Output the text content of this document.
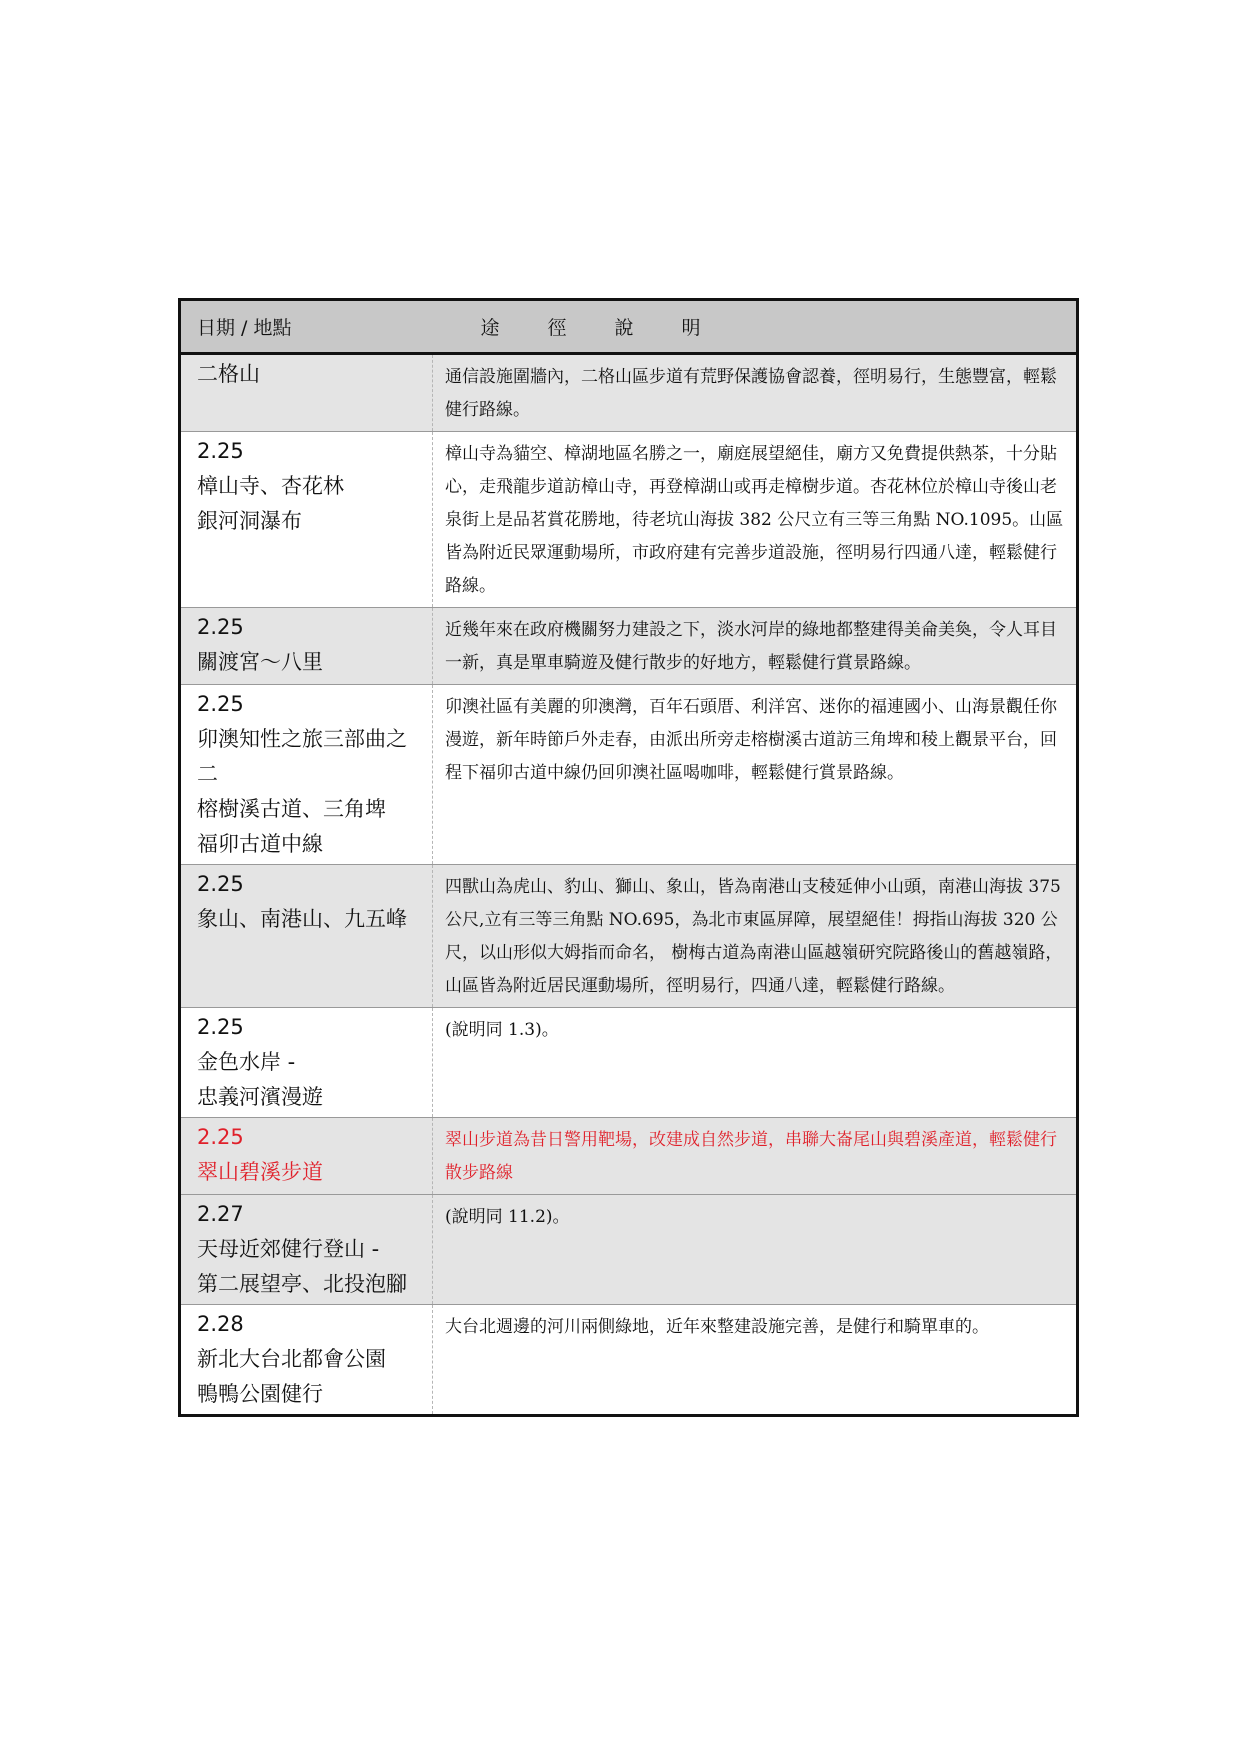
日期 / 地點	途徑說明

二格山	通信設施圍牆內，二格山區步道有荒野保護協會認養，徑明易行，生態豐富，輕鬆健行路線。

2.25
樟山寺、杏花林
銀河洞瀑布	樟山寺為貓空、樟湖地區名勝之一，廟庭展望絕佳，廟方又免費提供熱茶，十分貼心，走飛龍步道訪樟山寺，再登樟湖山或再走樟樹步道。杏花林位於樟山寺後山老泉街上是品茗賞花勝地，待老坑山海拔 382 公尺立有三等三角點 NO.1095。山區皆為附近民眾運動場所，市政府建有完善步道設施，徑明易行四通八達，輕鬆健行路線。

2.25
關渡宮～八里	近幾年來在政府機關努力建設之下，淡水河岸的綠地都整建得美侖美奐，令人耳目一新，真是單車騎遊及健行散步的好地方，輕鬆健行賞景路線。

2.25
卯澳知性之旅三部曲之二
榕樹溪古道、三角埤
福卯古道中線	卯澳社區有美麗的卯澳灣，百年石頭厝、利洋宮、迷你的福連國小、山海景觀任你漫遊，新年時節戶外走春，由派出所旁走榕樹溪古道訪三角埤和稜上觀景平台，回程下福卯古道中線仍回卯澳社區喝咖啡，輕鬆健行賞景路線。

2.25
象山、南港山、九五峰	四獸山為虎山、豹山、獅山、象山，皆為南港山支稜延伸小山頭，南港山海拔 375 公尺,立有三等三角點 NO.695，為北市東區屏障，展望絕佳！拇指山海拔 320 公尺，以山形似大姆指而命名， 樹梅古道為南港山區越嶺研究院路後山的舊越嶺路，山區皆為附近居民運動場所，徑明易行，四通八達，輕鬆健行路線。

2.25
金色水岸 -
忠義河濱漫遊	(說明同 1.3)。

2.25
翠山碧溪步道	翠山步道為昔日警用靶場，改建成自然步道，串聯大崙尾山與碧溪產道，輕鬆健行散步路線

2.27
天母近郊健行登山 -
第二展望亭、北投泡腳	(說明同 11.2)。

2.28
新北大台北都會公園
鴨鴨公園健行	大台北週邊的河川兩側綠地，近年來整建設施完善，是健行和騎單車的。
